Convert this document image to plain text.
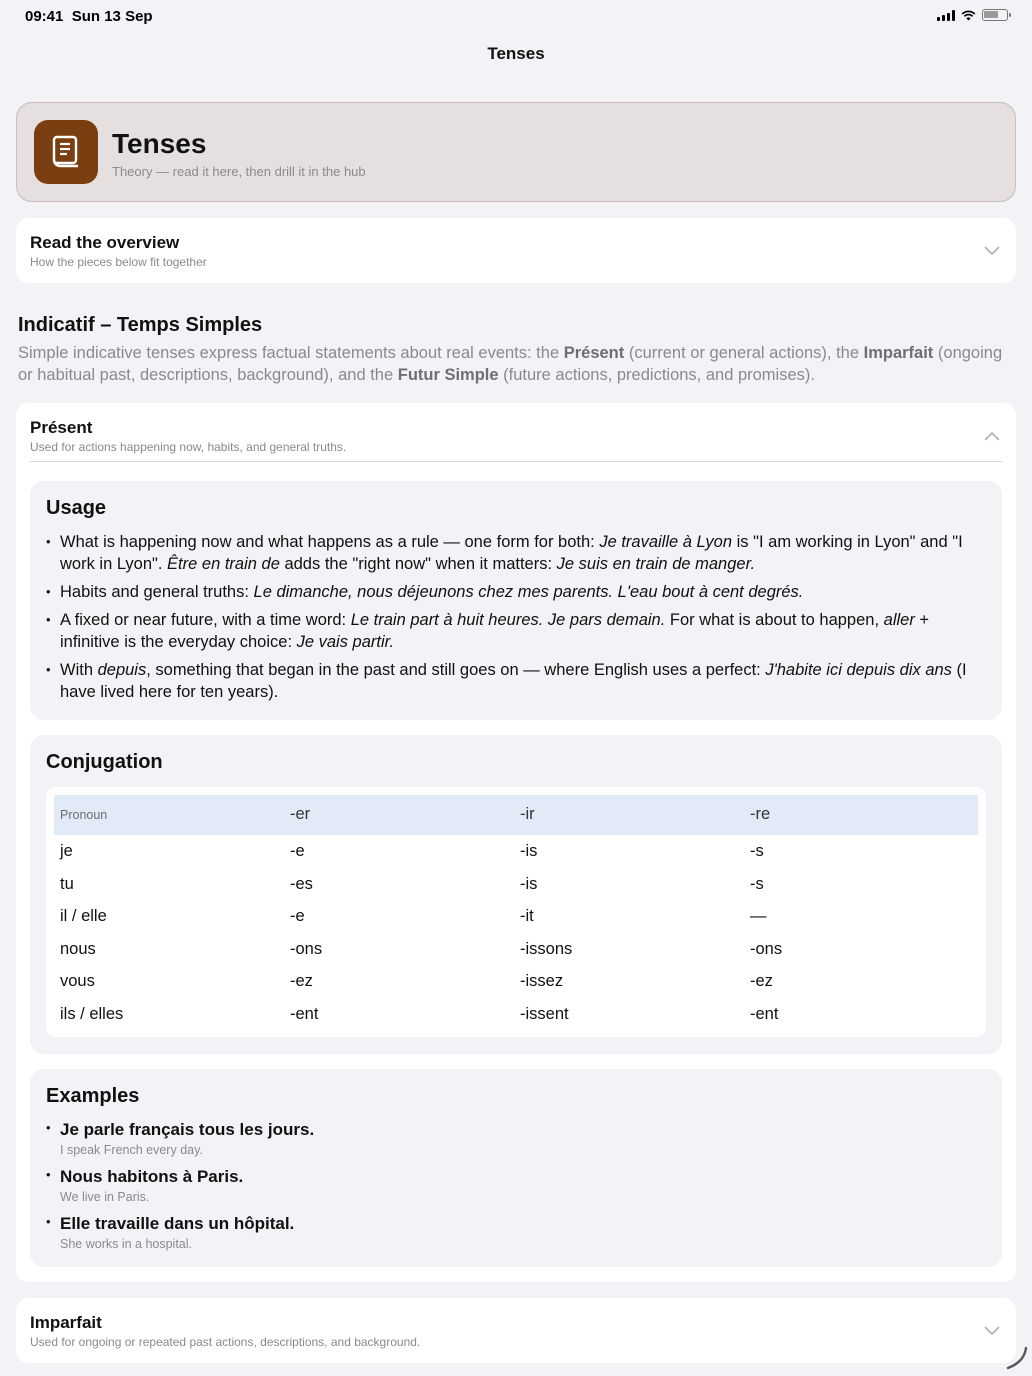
09:41 Sun 13 Sep
Tenses
Tenses
Theory — read it here, then drill it in the hub
Read the overview
How the pieces below fit together
Indicatif – Temps Simples
Simple indicative tenses express factual statements about real events: the Présent (current or general actions), the Imparfait (ongoing or habitual past, descriptions, background), and the Futur Simple (future actions, predictions, and promises).
Présent
Used for actions happening now, habits, and general truths.
Usage
• What is happening now and what happens as a rule — one form for both: Je travaille à Lyon is "I am working in Lyon" and "I work in Lyon". Être en train de adds the "right now" when it matters: Je suis en train de manger.
• Habits and general truths: Le dimanche, nous déjeunons chez mes parents. L'eau bout à cent degrés.
• A fixed or near future, with a time word: Le train part à huit heures. Je pars demain. For what is about to happen, aller + infinitive is the everyday choice: Je vais partir.
• With depuis, something that began in the past and still goes on — where English uses a perfect: J'habite ici depuis dix ans (I have lived here for ten years).
Conjugation
Pronoun	-er	-ir	-re
je	-e	-is	-s
tu	-es	-is	-s
il / elle	-e	-it	—
nous	-ons	-issons	-ons
vous	-ez	-issez	-ez
ils / elles	-ent	-issent	-ent
Examples
• Je parle français tous les jours.
I speak French every day.
• Nous habitons à Paris.
We live in Paris.
• Elle travaille dans un hôpital.
She works in a hospital.
Imparfait
Used for ongoing or repeated past actions, descriptions, and background.
